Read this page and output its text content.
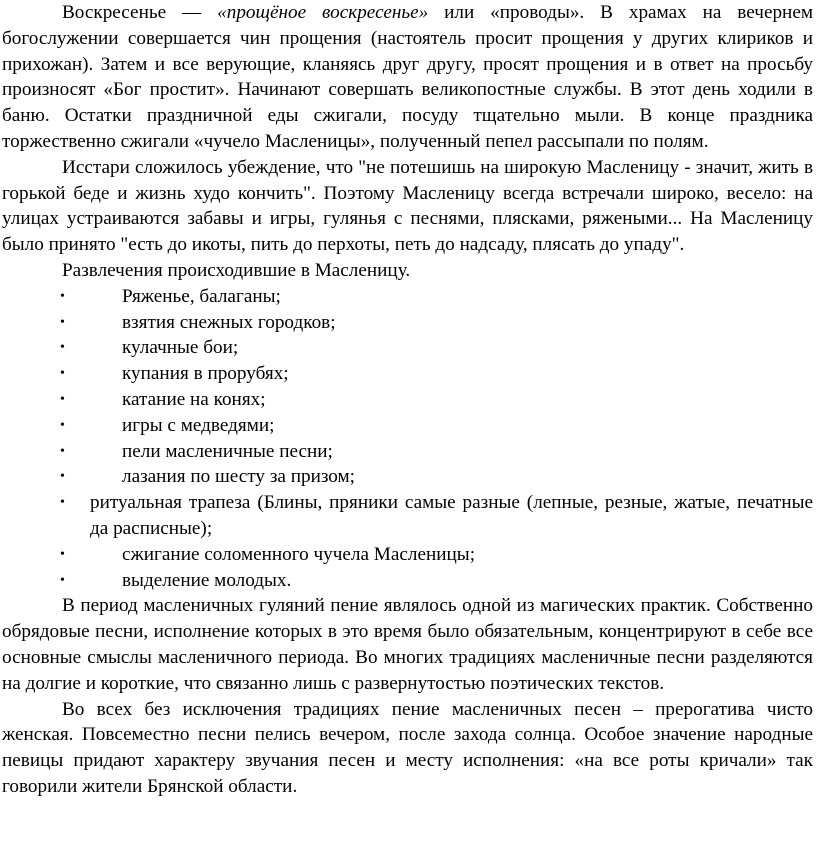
Воскресенье — «прощёное воскресенье» или «проводы». В храмах на вечернем богослужении совершается чин прощения (настоятель просит прощения у других клириков и прихожан). Затем и все верующие, кланяясь друг другу, просят прощения и в ответ на просьбу произносят «Бог простит». Начинают совершать великопостные службы. В этот день ходили в баню. Остатки праздничной еды сжигали, посуду тщательно мыли. В конце праздника торжественно сжигали «чучело Масленицы», полученный пепел рассыпали по полям.

Исстари сложилось убеждение, что "не потешишь на широкую Масленицу - значит, жить в горькой беде и жизнь худо кончить". Поэтому Масленицу всегда встречали широко, весело: на улицах устраиваются забавы и игры, гулянья с песнями, плясками, ряжеными... На Масленицу было принято "есть до икоты, пить до перхоты, петь до надсаду, плясать до упаду".

Развлечения происходившие в Масленицу.

•	Ряженье, балаганы;
•	взятия снежных городков;
•	кулачные бои;
•	купания в прорубях;
•	катание на конях;
•	игры с медведями;
•	пели масленичные песни;
•	лазания по шесту за призом;
• ритуальная трапеза (Блины, пряники самые разные (лепные, резные, жатые, печатные да расписные);
•	сжигание соломенного чучела Масленицы;
•	выделение молодых.

В период масленичных гуляний пение являлось одной из магических практик. Собственно обрядовые песни, исполнение которых в это время было обязательным, концентрируют в себе все основные смыслы масленичного периода. Во многих традициях масленичные песни разделяются на долгие и короткие, что связанно лишь с развернутостью поэтических текстов.

Во всех без исключения традициях пение масленичных песен – прерогатива чисто женская. Повсеместно песни пелись вечером, после захода солнца. Особое значение народные певицы придают характеру звучания песен и месту исполнения: «на все роты кричали» так говорили жители Брянской области.
